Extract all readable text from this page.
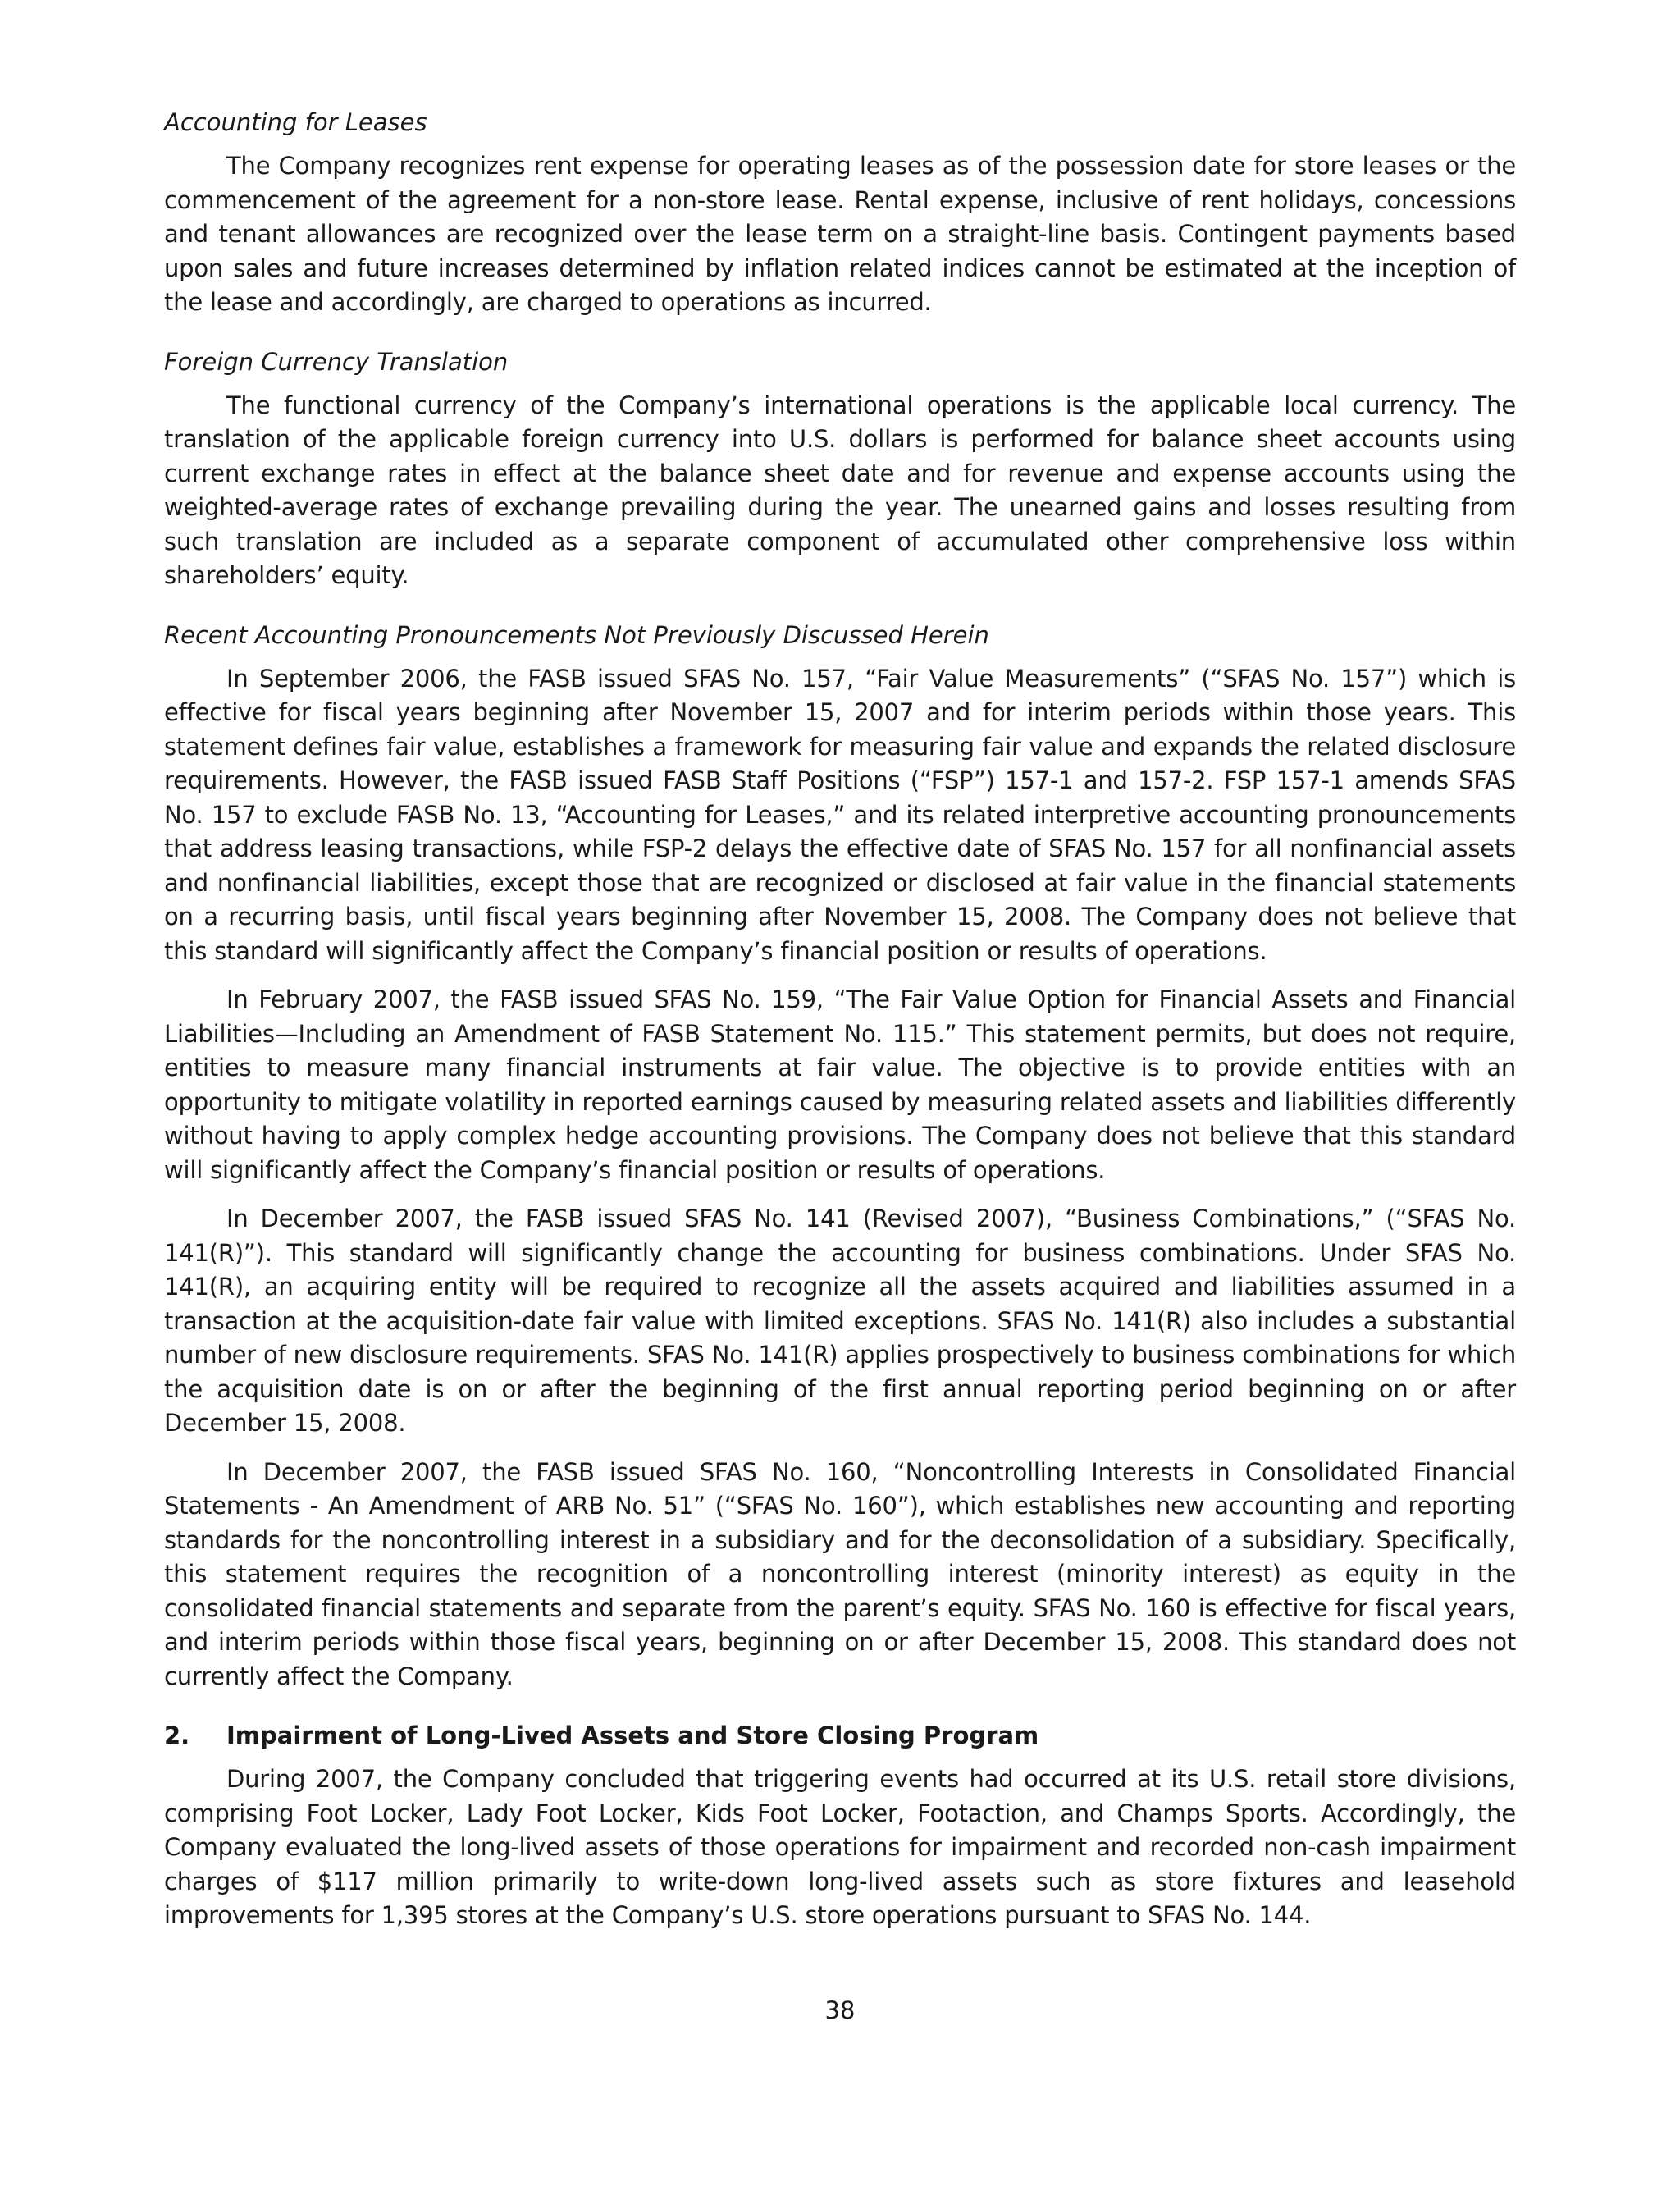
Accounting for Leases

The Company recognizes rent expense for operating leases as of the possession date for store leases or the commencement of the agreement for a non-store lease. Rental expense, inclusive of rent holidays, concessions and tenant allowances are recognized over the lease term on a straight-line basis. Contingent payments based upon sales and future increases determined by inflation related indices cannot be estimated at the inception of the lease and accordingly, are charged to operations as incurred.

Foreign Currency Translation

The functional currency of the Company’s international operations is the applicable local currency. The translation of the applicable foreign currency into U.S. dollars is performed for balance sheet accounts using current exchange rates in effect at the balance sheet date and for revenue and expense accounts using the weighted-average rates of exchange prevailing during the year. The unearned gains and losses resulting from such translation are included as a separate component of accumulated other comprehensive loss within shareholders’ equity.

Recent Accounting Pronouncements Not Previously Discussed Herein

In September 2006, the FASB issued SFAS No. 157, “Fair Value Measurements” (“SFAS No. 157”) which is effective for fiscal years beginning after November 15, 2007 and for interim periods within those years. This statement defines fair value, establishes a framework for measuring fair value and expands the related disclosure requirements. However, the FASB issued FASB Staff Positions (“FSP”) 157-1 and 157-2. FSP 157-1 amends SFAS No. 157 to exclude FASB No. 13, “Accounting for Leases,” and its related interpretive accounting pronouncements that address leasing transactions, while FSP-2 delays the effective date of SFAS No. 157 for all nonfinancial assets and nonfinancial liabilities, except those that are recognized or disclosed at fair value in the financial statements on a recurring basis, until fiscal years beginning after November 15, 2008. The Company does not believe that this standard will significantly affect the Company’s financial position or results of operations.

In February 2007, the FASB issued SFAS No. 159, “The Fair Value Option for Financial Assets and Financial Liabilities—Including an Amendment of FASB Statement No. 115.” This statement permits, but does not require, entities to measure many financial instruments at fair value. The objective is to provide entities with an opportunity to mitigate volatility in reported earnings caused by measuring related assets and liabilities differently without having to apply complex hedge accounting provisions. The Company does not believe that this standard will significantly affect the Company’s financial position or results of operations.

In December 2007, the FASB issued SFAS No. 141 (Revised 2007), “Business Combinations,” (“SFAS No. 141(R)”). This standard will significantly change the accounting for business combinations. Under SFAS No. 141(R), an acquiring entity will be required to recognize all the assets acquired and liabilities assumed in a transaction at the acquisition-date fair value with limited exceptions. SFAS No. 141(R) also includes a substantial number of new disclosure requirements. SFAS No. 141(R) applies prospectively to business combinations for which the acquisition date is on or after the beginning of the first annual reporting period beginning on or after December 15, 2008.

In December 2007, the FASB issued SFAS No. 160, “Noncontrolling Interests in Consolidated Financial Statements - An Amendment of ARB No. 51” (“SFAS No. 160”), which establishes new accounting and reporting standards for the noncontrolling interest in a subsidiary and for the deconsolidation of a subsidiary. Specifically, this statement requires the recognition of a noncontrolling interest (minority interest) as equity in the consolidated financial statements and separate from the parent’s equity. SFAS No. 160 is effective for fiscal years, and interim periods within those fiscal years, beginning on or after December 15, 2008. This standard does not currently affect the Company.

2.	Impairment of Long-Lived Assets and Store Closing Program

During 2007, the Company concluded that triggering events had occurred at its U.S. retail store divisions, comprising Foot Locker, Lady Foot Locker, Kids Foot Locker, Footaction, and Champs Sports. Accordingly, the Company evaluated the long-lived assets of those operations for impairment and recorded non-cash impairment charges of $117 million primarily to write-down long-lived assets such as store fixtures and leasehold improvements for 1,395 stores at the Company’s U.S. store operations pursuant to SFAS No. 144.

38
